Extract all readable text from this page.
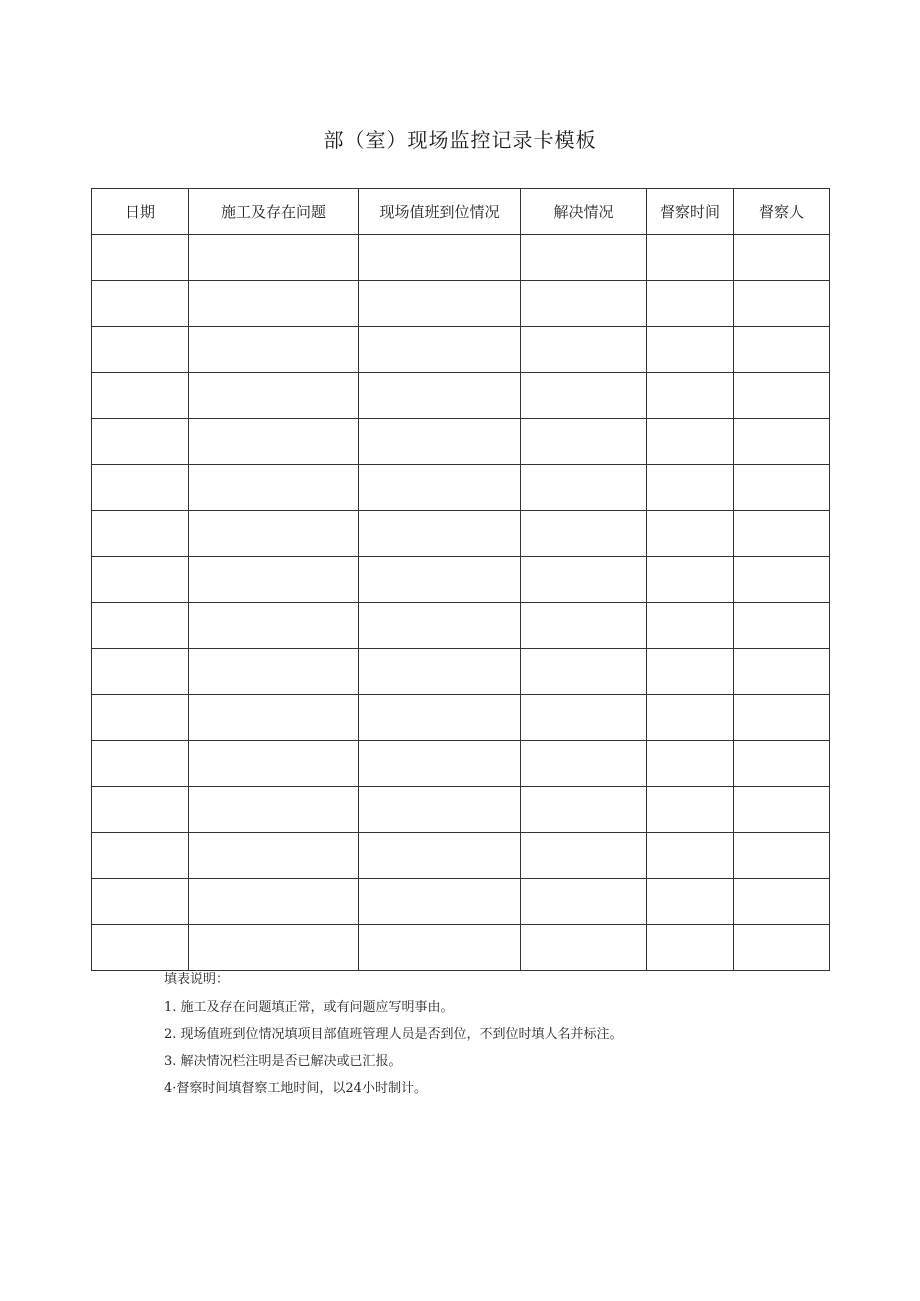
部（室）现场监控记录卡模板
日期	施工及存在问题	现场值班到位情况	解决情况	督察时间	督察人

填表说明：
1. 施工及存在问题填正常，或有问题应写明事由。
2. 现场值班到位情况填项目部值班管理人员是否到位，不到位时填人名并标注。
3. 解决情况栏注明是否已解决或已汇报。
4·督察时间填督察工地时间，以24小时制计。
